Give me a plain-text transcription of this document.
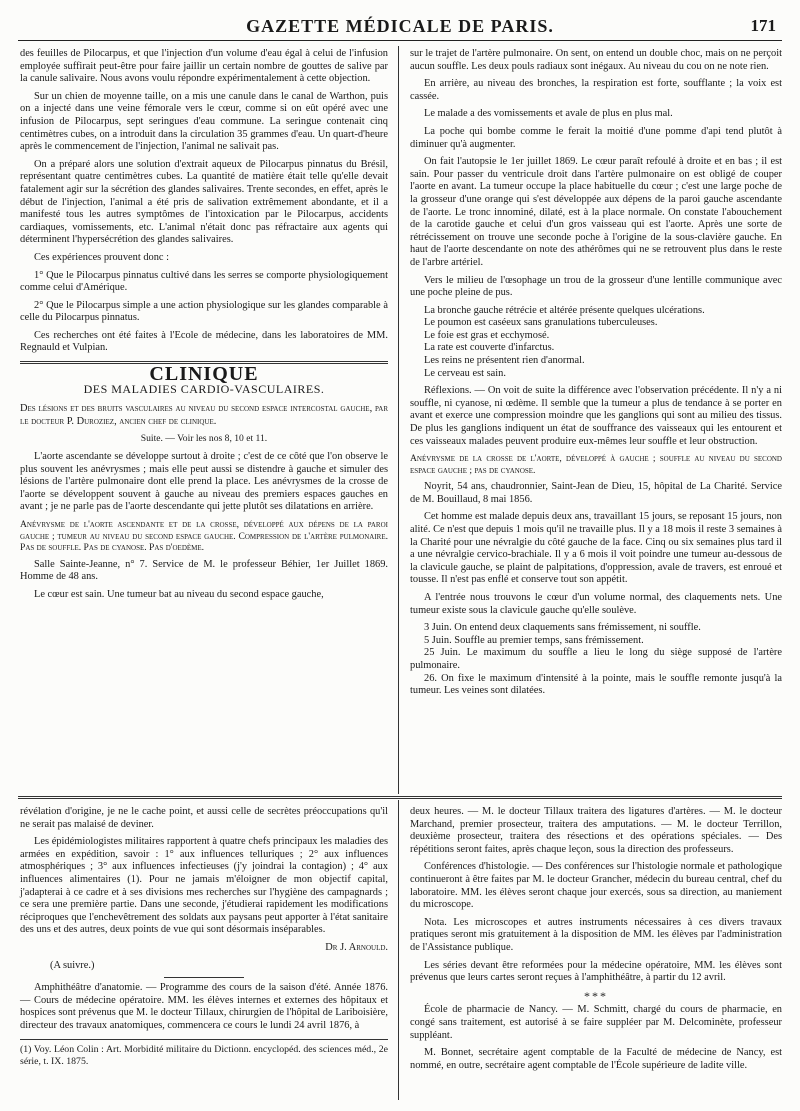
GAZETTE MÉDICALE DE PARIS.	171

des feuilles de Pilocarpus, et que l'injection d'un volume d'eau égal à celui de l'infusion employée suffirait peut-être pour faire jaillir un certain nombre de gouttes de salive par la canule salivaire. Nous avons voulu répondre expérimentalement à cette objection.

Sur un chien de moyenne taille, on a mis une canule dans le canal de Warthon, puis on a injecté dans une veine fémorale vers le cœur, comme si on eût opéré avec une infusion de Pilocarpus, sept seringues d'eau commune. La seringue contenait cinq centimètres cubes, on a introduit dans la circulation 35 grammes d'eau. Un quart-d'heure après le commencement de l'injection, l'animal ne salivait pas.

On a préparé alors une solution d'extrait aqueux de Pilocarpus pinnatus du Brésil, représentant quatre centimètres cubes. La quantité de matière était telle qu'elle devait fatalement agir sur la sécrétion des glandes salivaires. Trente secondes, en effet, après le début de l'injection, l'animal a été pris de salivation extrêmement abondante, et il a manifesté tous les autres symptômes de l'intoxication par le Pilocarpus, accidents cardiaques, vomissements, etc. L'animal n'était donc pas réfractaire aux agents qui déterminent l'hypersécrétion des glandes salivaires.

Ces expériences prouvent donc :

1° Que le Pilocarpus pinnatus cultivé dans les serres se comporte physiologiquement comme celui d'Amérique.

2° Que le Pilocarpus simple a une action physiologique sur les glandes comparable à celle du Pilocarpus pinnatus.

Ces recherches ont été faites à l'Ecole de médecine, dans les laboratoires de MM. Regnauld et Vulpian.

CLINIQUE
DES MALADIES CARDIO-VASCULAIRES.

Des lésions et des bruits vasculaires au niveau du second espace intercostal gauche, par le docteur P. Duroziez, ancien chef de clinique.

Suite. — Voir les nos 8, 10 et 11.

L'aorte ascendante se développe surtout à droite ; c'est de ce côté que l'on observe le plus souvent les anévrysmes ; mais elle peut aussi se distendre à gauche et simuler des lésions de l'artère pulmonaire dont elle prend la place. Les anévrysmes de la crosse de l'aorte se développent souvent à gauche au niveau des premiers espaces gauches en avant ; je ne parle pas de l'aorte descendante qui jette plutôt ses dilatations en arrière.

Anévrysme de l'aorte ascendante et de la crosse, développé aux dépens de la paroi gauche ; tumeur au niveau du second espace gauche. Compression de l'artère pulmonaire. Pas de souffle. Pas de cyanose. Pas d'oedème.

Salle Sainte-Jeanne, n° 7. Service de M. le professeur Béhier, 1er Juillet 1869. Homme de 48 ans.

Le cœur est sain. Une tumeur bat au niveau du second espace gauche,

sur le trajet de l'artère pulmonaire. On sent, on entend un double choc, mais on ne perçoit aucun souffle. Les deux pouls radiaux sont inégaux. Au niveau du cou on ne note rien.

En arrière, au niveau des bronches, la respiration est forte, soufflante ; la voix est cassée.

Le malade a des vomissements et avale de plus en plus mal.

La poche qui bombe comme le ferait la moitié d'une pomme d'api tend plutôt à diminuer qu'à augmenter.

On fait l'autopsie le 1er juillet 1869. Le cœur paraît refoulé à droite et en bas ; il est sain. Pour passer du ventricule droit dans l'artère pulmonaire on est obligé de couper l'aorte en avant. La tumeur occupe la place habituelle du cœur ; c'est une large poche de la grosseur d'une orange qui s'est développée aux dépens de la paroi gauche ascendante de l'aorte. Le tronc innominé, dilaté, est à la place normale. On constate l'abouchement de la carotide gauche et celui d'un gros vaisseau qui est l'aorte. Après une sorte de rétrécissement on trouve une seconde poche à l'origine de la sous-clavière gauche. En haut de l'aorte descendante on note des athérômes qui ne se retrouvent plus dans le reste de l'arbre artériel.

Vers le milieu de l'œsophage un trou de la grosseur d'une lentille communique avec une poche pleine de pus.

La bronche gauche rétrécie et altérée présente quelques ulcérations.

Le poumon est caséeux sans granulations tuberculeuses.

Le foie est gras et ecchymosé.

La rate est couverte d'infarctus.

Les reins ne présentent rien d'anormal.

Le cerveau est sain.

Réflexions. — On voit de suite la différence avec l'observation précédente. Il n'y a ni souffle, ni cyanose, ni œdème. Il semble que la tumeur a plus de tendance à se porter en avant et exerce une compression moindre que les ganglions qui sont au milieu des tissus. De plus les ganglions indiquent un état de souffrance des vaisseaux qui les entourent et ces vaisseaux malades peuvent produire eux-mêmes leur souffle et leur obstruction.

Anévrysme de la crosse de l'aorte, développé à gauche ; souffle au niveau du second espace gauche ; pas de cyanose.

Noyrit, 54 ans, chaudronnier, Saint-Jean de Dieu, 15, hôpital de La Charité. Service de M. Bouillaud, 8 mai 1856.

Cet homme est malade depuis deux ans, travaillant 15 jours, se reposant 15 jours, non alité. Ce n'est que depuis 1 mois qu'il ne travaille plus. Il y a 18 mois il reste 3 semaines à la Charité pour une névralgie du côté gauche de la face. Cinq ou six semaines plus tard il a une névralgie cervico-brachiale. Il y a 6 mois il voit poindre une tumeur au-dessous de la clavicule gauche, se plaint de palpitations, d'oppression, avale de travers, est enroué et tousse. Il n'est pas enflé et conserve tout son appétit.

A l'entrée nous trouvons le cœur d'un volume normal, des claquements nets. Une tumeur existe sous la clavicule gauche qu'elle soulève.

3 Juin. On entend deux claquements sans frémissement, ni souffle.

5 Juin. Souffle au premier temps, sans frémissement.

25 Juin. Le maximum du souffle a lieu le long du siège supposé de l'artère pulmonaire.

26. On fixe le maximum d'intensité à la pointe, mais le souffle remonte jusqu'à la tumeur. Les veines sont dilatées.

révélation d'origine, je ne le cache point, et aussi celle de secrètes préoccupations qu'il ne serait pas malaisé de deviner.

Les épidémiologistes militaires rapportent à quatre chefs principaux les maladies des armées en expédition, savoir : 1° aux influences telluriques ; 2° aux influences atmosphériques ; 3° aux influences infectieuses (j'y joindrai la contagion) ; 4° aux influences alimentaires (1). Pour ne jamais m'éloigner de mon objectif capital, j'adapterai à ce cadre et à ses divisions mes recherches sur l'hygiène des campagnards ; ce sera une première partie. Dans une seconde, j'étudierai rapidement les modifications réciproques que l'enchevêtrement des soldats aux paysans peut apporter à l'état sanitaire des uns et des autres, deux points de vue qui sont désormais inséparables.

Dr J. Arnould.

(A suivre.)

Amphithéâtre d'anatomie. — Programme des cours de la saison d'été. Année 1876. — Cours de médecine opératoire. MM. les élèves internes et externes des hôpitaux et hospices sont prévenus que M. le docteur Tillaux, chirurgien de l'hôpital de Lariboisière, directeur des travaux anatomiques, commencera ce cours le lundi 24 avril 1876, à

(1) Voy. Léon Colin : Art. Morbidité militaire du Dictionn. encyclopéd. des sciences méd., 2e série, t. IX. 1875.

deux heures. — M. le docteur Tillaux traitera des ligatures d'artères. — M. le docteur Marchand, premier prosecteur, traitera des amputations. — M. le docteur Terrillon, deuxième prosecteur, traitera des résections et des opérations spéciales. — Des répétitions seront faites, après chaque leçon, sous la direction des professeurs.

Conférences d'histologie. — Des conférences sur l'histologie normale et pathologique continueront à être faites par M. le docteur Grancher, médecin du bureau central, chef du laboratoire. MM. les élèves seront chaque jour exercés, sous sa direction, au maniement du microscope.

Nota. Les microscopes et autres instruments nécessaires à ces divers travaux pratiques seront mis gratuitement à la disposition de MM. les élèves par l'administration de l'Assistance publique.

Les séries devant être reformées pour la médecine opératoire, MM. les élèves sont prévenus que leurs cartes seront reçues à l'amphithéâtre, à partir du 12 avril.

***

École de pharmacie de Nancy. — M. Schmitt, chargé du cours de pharmacie, en congé sans traitement, est autorisé à se faire suppléer par M. Delcominète, professeur suppléant.

M. Bonnet, secrétaire agent comptable de la Faculté de médecine de Nancy, est nommé, en outre, secrétaire agent comptable de l'École supérieure de ladite ville.
